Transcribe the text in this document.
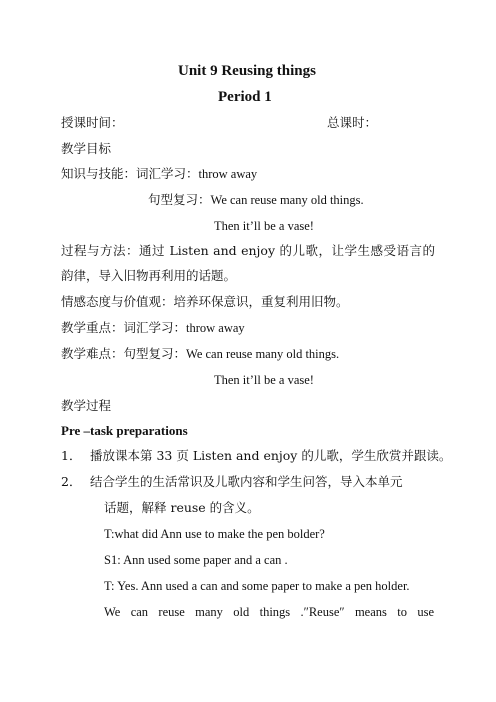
Unit 9 Reusing things
Period 1
授课时间：	总课时：
教学目标
知识与技能：词汇学习：throw away
句型复习：We can reuse many old things.
Then it’ll be a vase!
过程与方法：通过 Listen and enjoy 的儿歌，让学生感受语言的
韵律，导入旧物再利用的话题。
情感态度与价值观：培养环保意识，重复利用旧物。
教学重点：词汇学习：throw away
教学难点：句型复习：We can reuse many old things.
Then it’ll be a vase!
教学过程
Pre –task preparations
1． 播放课本第 33 页 Listen and enjoy 的儿歌，学生欣赏并跟读。
2． 结合学生的生活常识及儿歌内容和学生问答，导入本单元
话题，解释 reuse 的含义。
T:what did Ann use to make the pen bolder?
S1: Ann used some paper and a can .
T: Yes. Ann used a can and some paper to make a pen holder.
We can reuse many old things .″Reuse″ means to use
